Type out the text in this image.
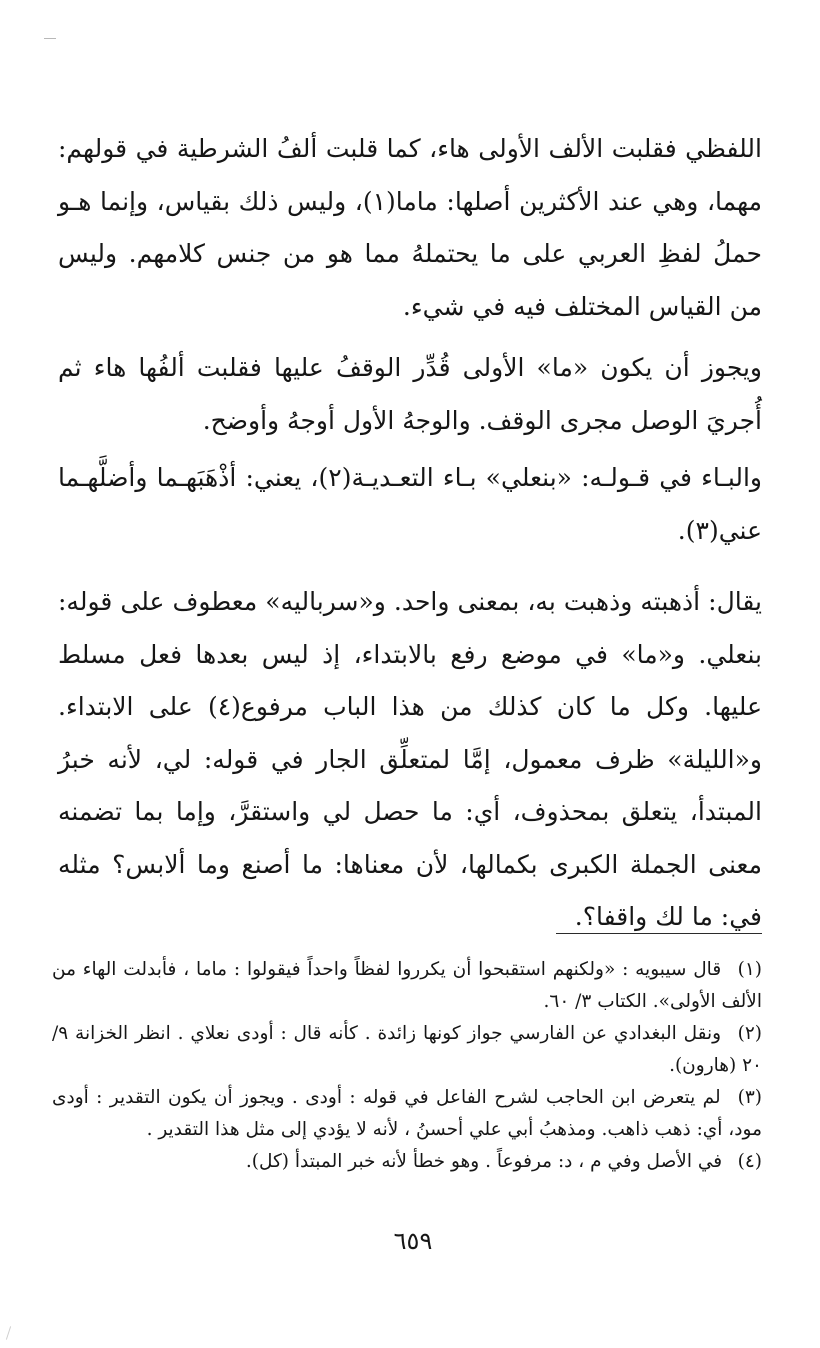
اللفظي فقلبت الألف الأولى هاء، كما قلبت ألفُ الشرطية في قولهم: مهما، وهي عند الأكثرين أصلها: ماما(١)، وليس ذلك بقياس، وإنما هـو حملُ لفظِ العربي على ما يحتملهُ مما هو من جنس كلامهم. وليس من القياس المختلف فيه في شيء.

ويجوز أن يكون «ما» الأولى قُدِّر الوقفُ عليها فقلبت ألفُها هاء ثم أُجريَ الوصل مجرى الوقف. والوجهُ الأول أوجهُ وأوضح.

والبـاء في قـولـه: «بنعلي» بـاء التعـديـة(٢)، يعني: أذْهَبَهـما وأضلَّهـما عني(٣).

يقال: أذهبته وذهبت به، بمعنى واحد. و«سرباليه» معطوف على قوله: بنعلي. و«ما» في موضع رفع بالابتداء، إذ ليس بعدها فعل مسلط عليها. وكل ما كان كذلك من هذا الباب مرفوع(٤) على الابتداء. و«الليلة» ظرف معمول، إمَّا لمتعلِّق الجار في قوله: لي، لأنه خبرُ المبتدأ، يتعلق بمحذوف، أي: ما حصل لي واستقرَّ، وإما بما تضمنه معنى الجملة الكبرى بكمالها، لأن معناها: ما أصنع وما ألابس؟ مثله في: ما لك واقفا؟.

(١) قال سيبويه : «ولكنهم استقبحوا أن يكرروا لفظاً واحداً فيقولوا : ماما ، فأبدلت الهاء من الألف الأولى». الكتاب ٣/ ٦٠.

(٢) ونقل البغدادي عن الفارسي جواز كونها زائدة . كأنه قال : أودى نعلاي . انظر الخزانة ٩/ ٢٠ (هارون).

(٣) لم يتعرض ابن الحاجب لشرح الفاعل في قوله : أودى . ويجوز أن يكون التقدير : أودى مود، أي: ذهب ذاهب. ومذهبُ أبي علي أحسنُ ، لأنه لا يؤدي إلى مثل هذا التقدير .

(٤) في الأصل وفي م ، د: مرفوعاً . وهو خطأ لأنه خبر المبتدأ (كل).

٦٥٩
